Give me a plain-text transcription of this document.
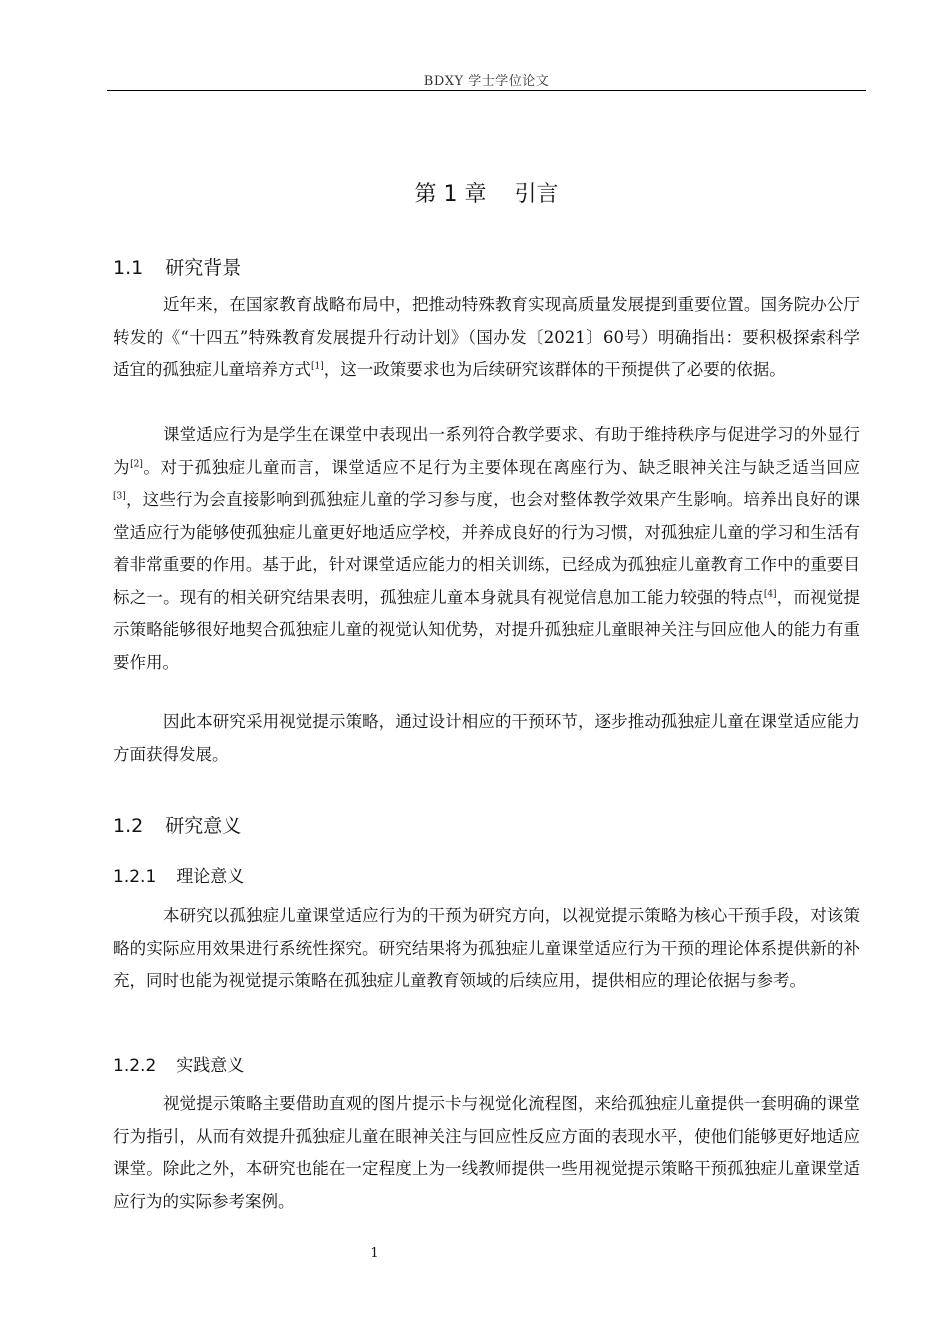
BDXY 学士学位论文
第 1 章 引言
1.1 研究背景

近年来，在国家教育战略布局中，把推动特殊教育实现高质量发展提到重要位置。国务院办公厅转发的《“十四五”特殊教育发展提升行动计划》（国办发〔2021〕60号）明确指出：要积极探索科学适宜的孤独症儿童培养方式[1]，这一政策要求也为后续研究该群体的干预提供了必要的依据。

课堂适应行为是学生在课堂中表现出一系列符合教学要求、有助于维持秩序与促进学习的外显行为[2]。对于孤独症儿童而言，课堂适应不足行为主要体现在离座行为、缺乏眼神关注与缺乏适当回应[3]，这些行为会直接影响到孤独症儿童的学习参与度，也会对整体教学效果产生影响。培养出良好的课堂适应行为能够使孤独症儿童更好地适应学校，并养成良好的行为习惯，对孤独症儿童的学习和生活有着非常重要的作用。基于此，针对课堂适应能力的相关训练，已经成为孤独症儿童教育工作中的重要目标之一。现有的相关研究结果表明，孤独症儿童本身就具有视觉信息加工能力较强的特点[4]，而视觉提示策略能够很好地契合孤独症儿童的视觉认知优势，对提升孤独症儿童眼神关注与回应他人的能力有重要作用。

因此本研究采用视觉提示策略，通过设计相应的干预环节，逐步推动孤独症儿童在课堂适应能力方面获得发展。

1.2 研究意义
1.2.1 理论意义

本研究以孤独症儿童课堂适应行为的干预为研究方向，以视觉提示策略为核心干预手段，对该策略的实际应用效果进行系统性探究。研究结果将为孤独症儿童课堂适应行为干预的理论体系提供新的补充，同时也能为视觉提示策略在孤独症儿童教育领域的后续应用，提供相应的理论依据与参考。

1.2.2 实践意义

视觉提示策略主要借助直观的图片提示卡与视觉化流程图，来给孤独症儿童提供一套明确的课堂行为指引，从而有效提升孤独症儿童在眼神关注与回应性反应方面的表现水平，使他们能够更好地适应课堂。除此之外，本研究也能在一定程度上为一线教师提供一些用视觉提示策略干预孤独症儿童课堂适应行为的实际参考案例。

1
